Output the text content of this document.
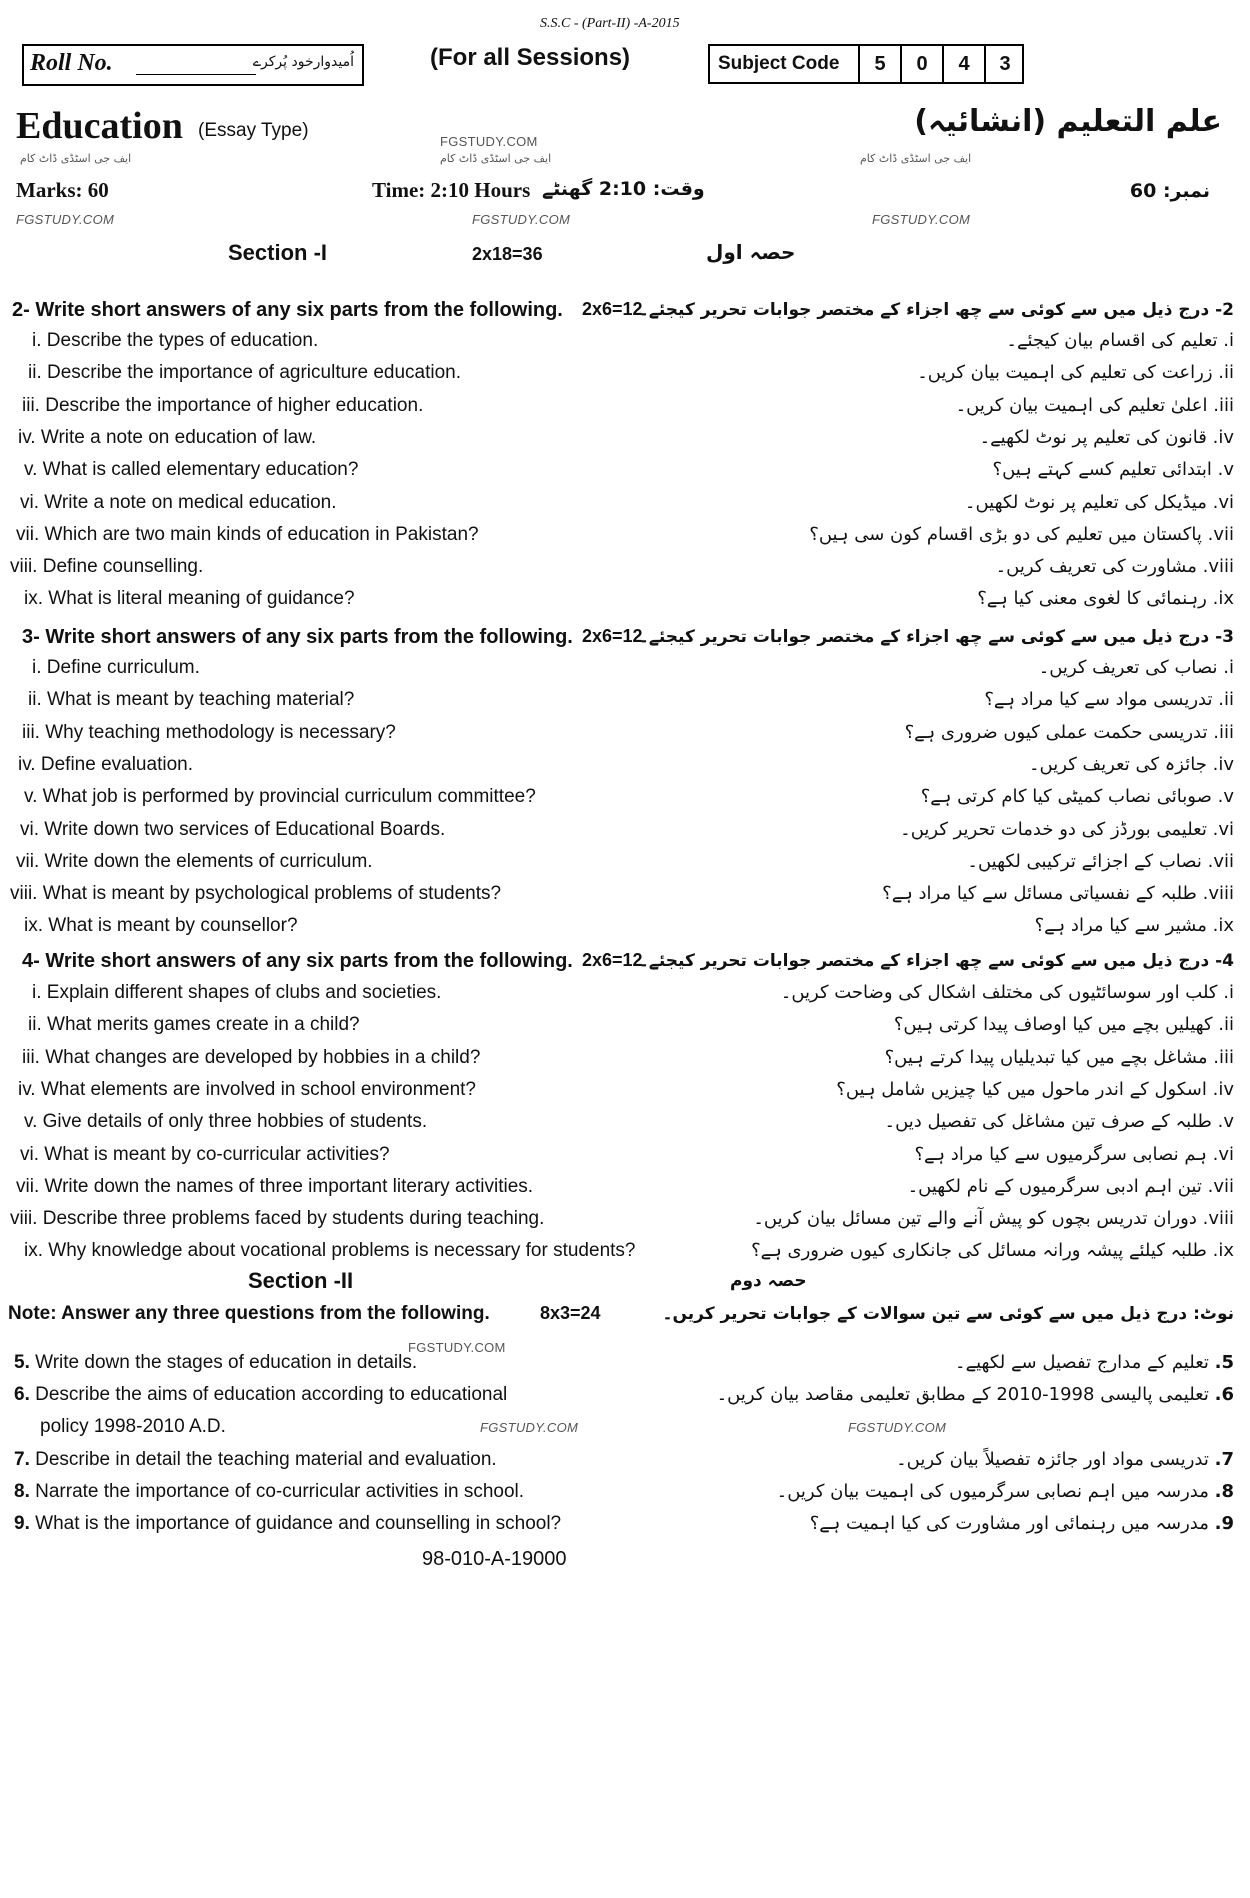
S.S.C - (Part-II) -A-2015
Roll No.	اُمیدوارخود پُرکرے	(For all Sessions)	Subject Code	5	0	4	3
Education (Essay Type)	علم التعلیم (انشائیہ)
FGSTUDY.COM
ایف جی اسٹڈی ڈاٹ کام	ایف جی اسٹڈی ڈاٹ کام	ایف جی اسٹڈی ڈاٹ کام
Marks: 60	Time: 2:10 Hours وقت: 2:10 گھنٹے	نمبر: 60
FGSTUDY.COM	FGSTUDY.COM	FGSTUDY.COM
Section -I	2x18=36	حصہ اول
2- Write short answers of any six parts from the following. 2x6=12	2- درج ذیل میں سے کوئی سے چھ اجزاء کے مختصر جوابات تحریر کیجئے۔
i. Describe the types of education.	i. تعلیم کی اقسام بیان کیجئے۔
ii. Describe the importance of agriculture education.	ii. زراعت کی تعلیم کی اہمیت بیان کریں۔
iii. Describe the importance of higher education.	iii. اعلیٰ تعلیم کی اہمیت بیان کریں۔
iv. Write a note on education of law.	iv. قانون کی تعلیم پر نوٹ لکھیے۔
v. What is called elementary education?	v. ابتدائی تعلیم کسے کہتے ہیں؟
vi. Write a note on medical education.	vi. میڈیکل کی تعلیم پر نوٹ لکھیں۔
vii. Which are two main kinds of education in Pakistan?	vii. پاکستان میں تعلیم کی دو بڑی اقسام کون سی ہیں؟
viii. Define counselling.	viii. مشاورت کی تعریف کریں۔
ix. What is literal meaning of guidance?	ix. رہنمائی کا لغوی معنی کیا ہے؟
3- Write short answers of any six parts from the following. 2x6=12	3- درج ذیل میں سے کوئی سے چھ اجزاء کے مختصر جوابات تحریر کیجئے۔
i. Define curriculum.	i. نصاب کی تعریف کریں۔
ii. What is meant by teaching material?	ii. تدریسی مواد سے کیا مراد ہے؟
iii. Why teaching methodology is necessary?	iii. تدریسی حکمت عملی کیوں ضروری ہے؟
iv. Define evaluation.	iv. جائزہ کی تعریف کریں۔
v. What job is performed by provincial curriculum committee?	v. صوبائی نصاب کمیٹی کیا کام کرتی ہے؟
vi. Write down two services of Educational Boards.	vi. تعلیمی بورڈز کی دو خدمات تحریر کریں۔
vii. Write down the elements of curriculum.	vii. نصاب کے اجزائے ترکیبی لکھیں۔
viii. What is meant by psychological problems of students?	viii. طلبہ کے نفسیاتی مسائل سے کیا مراد ہے؟
ix. What is meant by counsellor?	ix. مشیر سے کیا مراد ہے؟
4- Write short answers of any six parts from the following. 2x6=12	4- درج ذیل میں سے کوئی سے چھ اجزاء کے مختصر جوابات تحریر کیجئے۔
i. Explain different shapes of clubs and societies.	i. کلب اور سوسائٹیوں کی مختلف اشکال کی وضاحت کریں۔
ii. What merits games create in a child?	ii. کھیلیں بچے میں کیا اوصاف پیدا کرتی ہیں؟
iii. What changes are developed by hobbies in a child?	iii. مشاغل بچے میں کیا تبدیلیاں پیدا کرتے ہیں؟
iv. What elements are involved in school environment?	iv. اسکول کے اندر ماحول میں کیا چیزیں شامل ہیں؟
v. Give details of only three hobbies of students.	v. طلبہ کے صرف تین مشاغل کی تفصیل دیں۔
vi. What is meant by co-curricular activities?	vi. ہم نصابی سرگرمیوں سے کیا مراد ہے؟
vii. Write down the names of three important literary activities.	vii. تین اہم ادبی سرگرمیوں کے نام لکھیں۔
viii. Describe three problems faced by students during teaching.	viii. دوران تدریس بچوں کو پیش آنے والے تین مسائل بیان کریں۔
ix. Why knowledge about vocational problems is necessary for students?	ix. طلبہ کیلئے پیشہ ورانہ مسائل کی جانکاری کیوں ضروری ہے؟
Section -II	حصہ دوم
Note: Answer any three questions from the following.	8x3=24	نوٹ: درج ذیل میں سے کوئی سے تین سوالات کے جوابات تحریر کریں۔
FGSTUDY.COM
5. Write down the stages of education in details.	5. تعلیم کے مدارج تفصیل سے لکھیے۔
6. Describe the aims of education according to educational
policy 1998-2010 A.D.
6. تعلیمی پالیسی 1998-2010 کے مطابق تعلیمی مقاصد بیان کریں۔
FGSTUDY.COM	FGSTUDY.COM
7. Describe in detail the teaching material and evaluation.	7. تدریسی مواد اور جائزہ تفصیلاً بیان کریں۔
8. Narrate the importance of co-curricular activities in school.	8. مدرسہ میں اہم نصابی سرگرمیوں کی اہمیت بیان کریں۔
9. What is the importance of guidance and counselling in school?	9. مدرسہ میں رہنمائی اور مشاورت کی کیا اہمیت ہے؟
98-010-A-19000
